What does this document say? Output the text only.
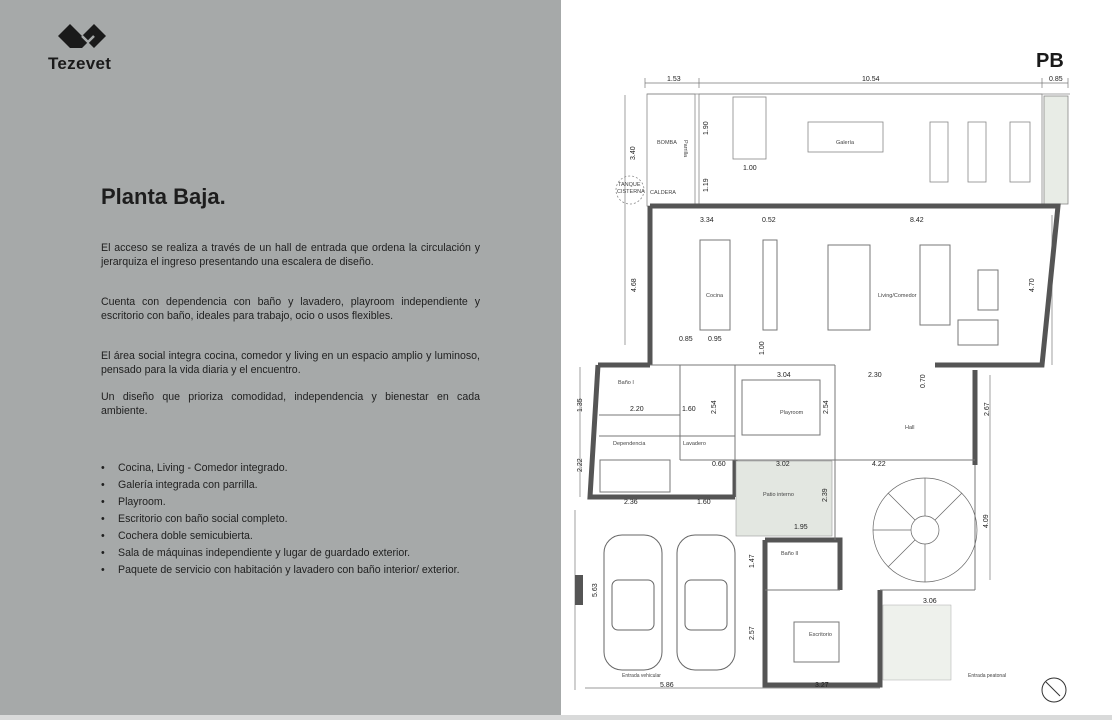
Tezevet
Planta Baja.
El acceso se realiza a través de un hall de entrada que ordena la circulación y jerarquiza el ingreso presentando una escalera de diseño.
Cuenta con dependencia con baño y lavadero, playroom independiente y escritorio con baño, ideales para trabajo, ocio o usos flexibles.
El área social integra cocina, comedor y living en un espacio amplio y luminoso, pensado para la vida diaria y el encuentro.
Un diseño que prioriza comodidad, independencia y bienestar en cada ambiente.
• Cocina, Living - Comedor integrado.
• Galería integrada con parrilla.
• Playroom.
• Escritorio con baño social completo.
• Cochera doble semicubierta.
• Sala de máquinas independiente y lugar de guardado exterior.
• Paquete de servicio con habitación y lavadero con baño interior/ exterior.
PB
BOMBA Parrilla
TANQUE
CISTERNA CALDERA
Galería
Cocina	Living/Comedor
Baño I
Dependencia	Lavadero
Playroom
Hall
Patio interno
Baño II
Escritorio
Entrada vehicular	Entrada peatonal
1.53	10.54	0.85
3.40
1.90
1.00
1.19
3.34	0.52	8.42
4.68	4.70
0.85 0.95
1.00
3.04	2.30	0.70
1.35	2.20	1.60 2.54	2.54	2.67
2.22	0.60	3.02	4.22
2.36	1.60
2.39
1.95	4.09
5.63
1.47
3.06
2.57
5.86	3.27
